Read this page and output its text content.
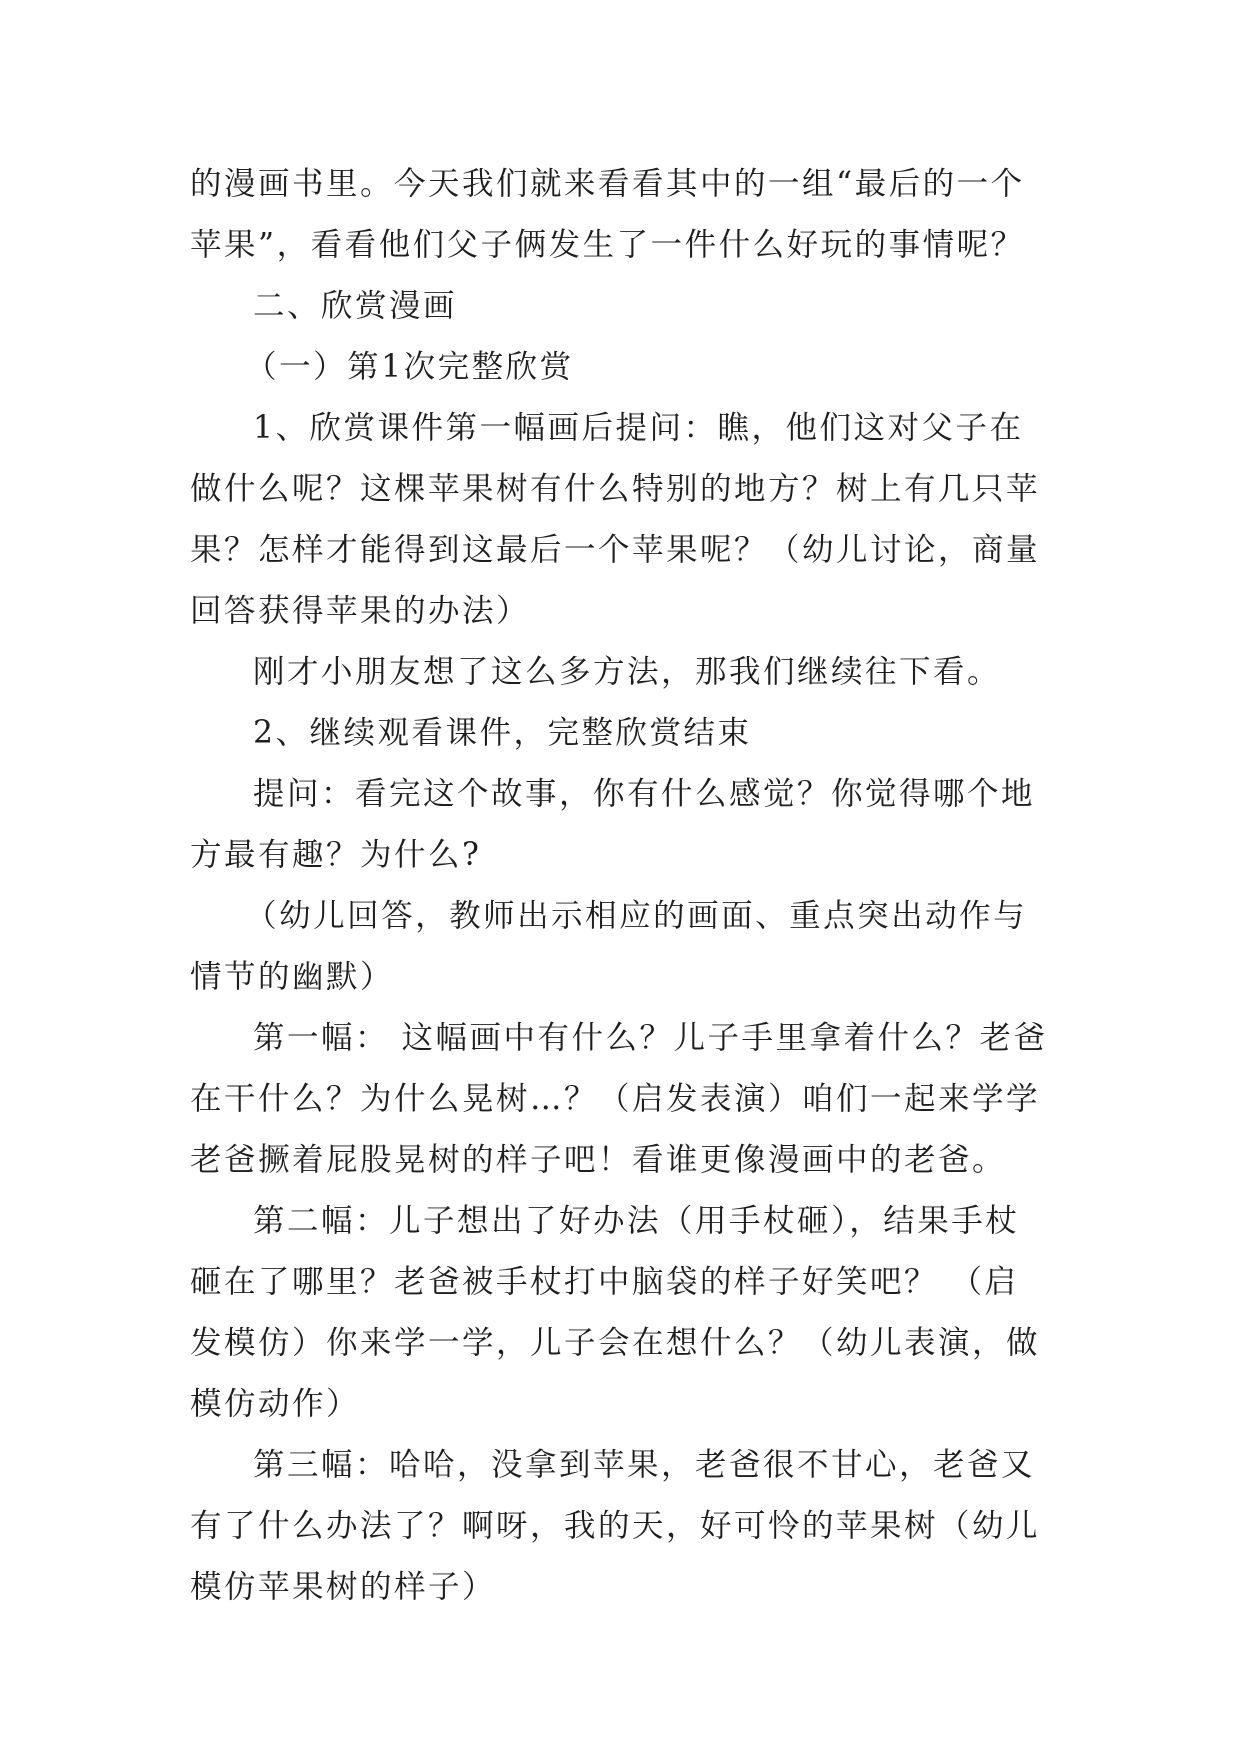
的漫画书里。今天我们就来看看其中的一组“最后的一个苹果”，看看他们父子俩发生了一件什么好玩的事情呢？

二、欣赏漫画

（一）第1次完整欣赏

1、欣赏课件第一幅画后提问：瞧，他们这对父子在做什么呢？这棵苹果树有什么特别的地方？树上有几只苹果？怎样才能得到这最后一个苹果呢？（幼儿讨论，商量回答获得苹果的办法）

刚才小朋友想了这么多方法，那我们继续往下看。

2、继续观看课件，完整欣赏结束

提问：看完这个故事，你有什么感觉？你觉得哪个地方最有趣？为什么?

（幼儿回答，教师出示相应的画面、重点突出动作与情节的幽默）

第一幅： 这幅画中有什么？儿子手里拿着什么？老爸在干什么？为什么晃树…？（启发表演）咱们一起来学学老爸撅着屁股晃树的样子吧！看谁更像漫画中的老爸。

第二幅：儿子想出了好办法（用手杖砸），结果手杖砸在了哪里？老爸被手杖打中脑袋的样子好笑吧？ （启发模仿）你来学一学，儿子会在想什么？（幼儿表演，做模仿动作）

第三幅：哈哈，没拿到苹果，老爸很不甘心，老爸又有了什么办法了？啊呀，我的天，好可怜的苹果树（幼儿模仿苹果树的样子）
